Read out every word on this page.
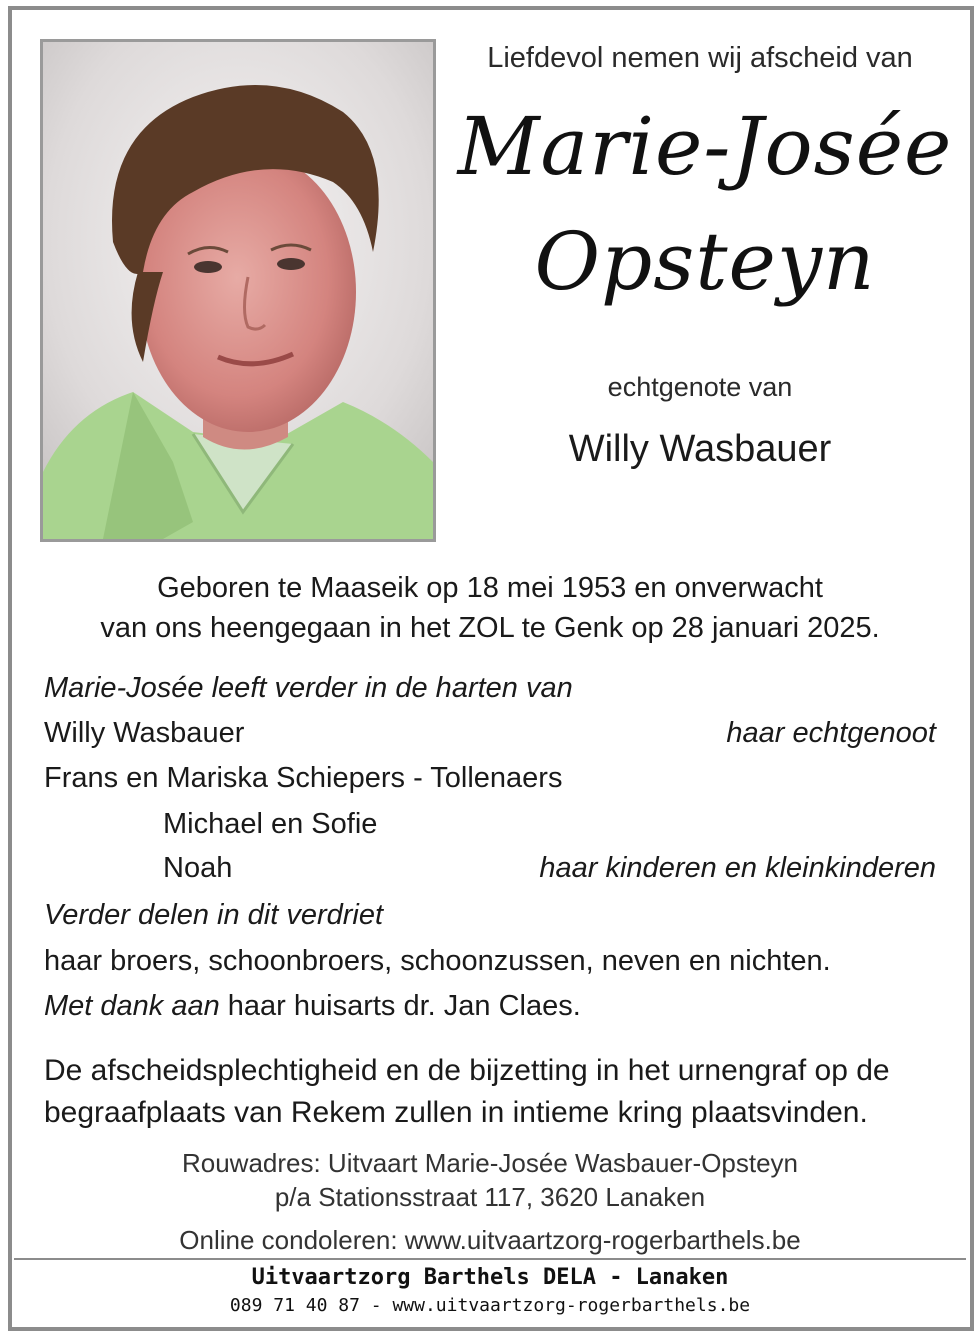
Liefdevol nemen wij afscheid van
Marie-Josée
Opsteyn
echtgenote van
Willy Wasbauer
Geboren te Maaseik op 18 mei 1953 en onverwacht
van ons heengegaan in het ZOL te Genk op 28 januari 2025.
Marie-Josée leeft verder in de harten van
Willy Wasbauer	haar echtgenoot
Frans en Mariska Schiepers - Tollenaers
Michael en Sofie
Noah	haar kinderen en kleinkinderen
Verder delen in dit verdriet
haar broers, schoonbroers, schoonzussen, neven en nichten.
Met dank aan haar huisarts dr. Jan Claes.
De afscheidsplechtigheid en de bijzetting in het urnengraf op de
begraafplaats van Rekem zullen in intieme kring plaatsvinden.
Rouwadres: Uitvaart Marie-Josée Wasbauer-Opsteyn
p/a Stationsstraat 117, 3620 Lanaken
Online condoleren: www.uitvaartzorg-rogerbarthels.be
Uitvaartzorg Barthels DELA - Lanaken
089 71 40 87 - www.uitvaartzorg-rogerbarthels.be
